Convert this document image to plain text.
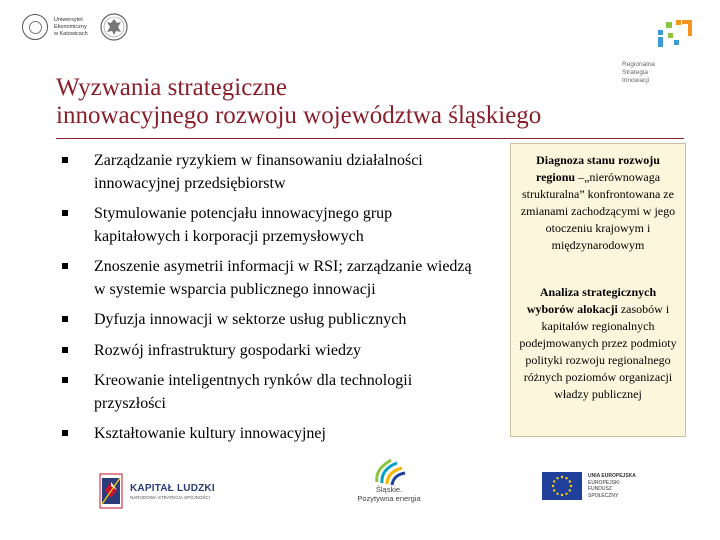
Uniwersytet
Ekonomiczny
w Katowicach
Regionalna
Strategia
Innowacji
Wyzwania strategiczne
innowacyjnego rozwoju województwa śląskiego
Zarządzanie ryzykiem w finansowaniu działalności innowacyjnej przedsiębiorstw
Stymulowanie potencjału innowacyjnego grup kapitałowych i korporacji przemysłowych
Znoszenie asymetrii informacji w RSI; zarządzanie wiedzą w systemie wsparcia publicznego innowacji
Dyfuzja innowacji w sektorze usług publicznych
Rozwój infrastruktury gospodarki wiedzy
Kreowanie inteligentnych rynków dla technologii przyszłości
Kształtowanie kultury innowacyjnej

Diagnoza stanu rozwoju regionu –„nierównowaga strukturalna” konfrontowana ze zmianami zachodzącymi w jego otoczeniu krajowym i międzynarodowym

Analiza strategicznych wyborów alokacji zasobów i kapitałów regionalnych podejmowanych przez podmioty polityki rozwoju regionalnego różnych poziomów organizacji władzy publicznej

KAPITAŁ LUDZKI
NARODOWA STRATEGIA SPÓJNOŚCI
Śląskie.
Pozytywna energia
UNIA EUROPEJSKA
EUROPEJSKI
FUNDUSZ SPOŁECZNY
